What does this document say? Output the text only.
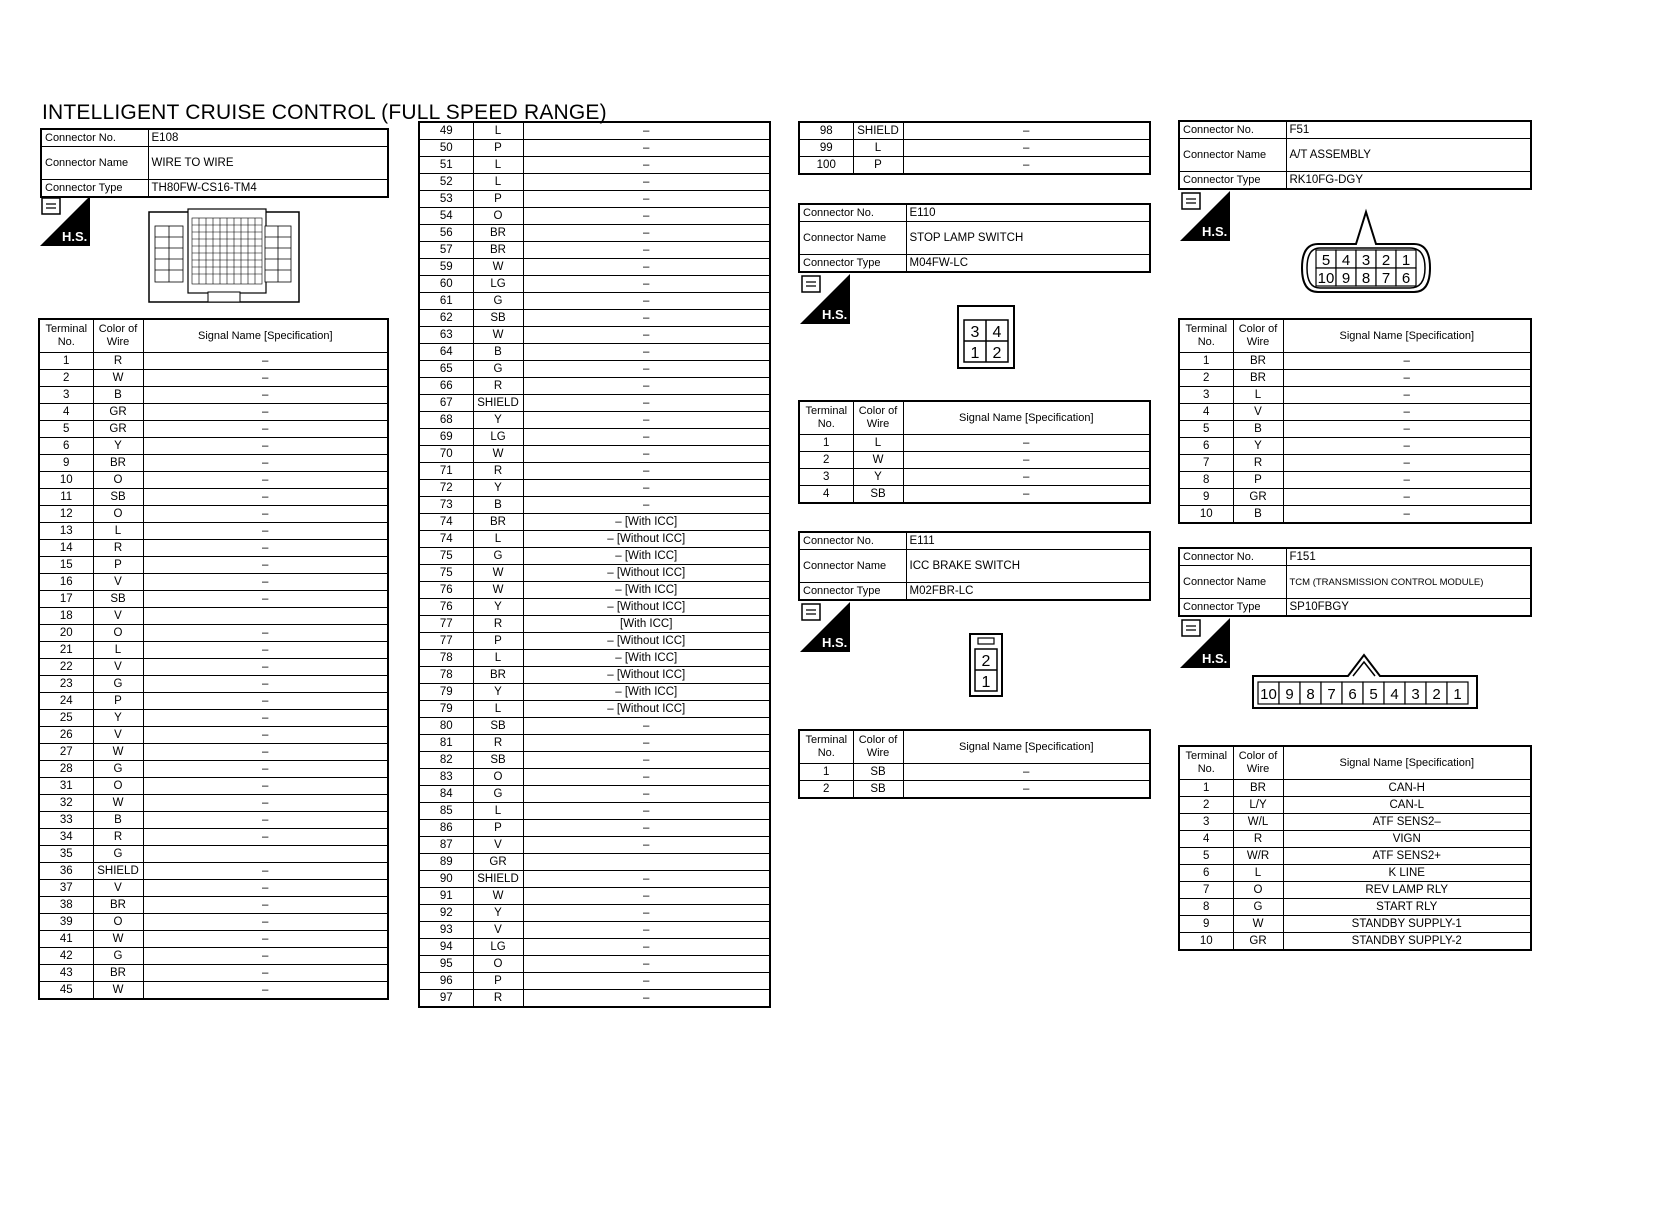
INTELLIGENT CRUISE CONTROL (FULL SPEED RANGE)
Connector No.	E108
Connector Name	WIRE TO WIRE
Connector Type	TH80FW-CS16-TM4
H.S.
Terminal No.	Color of Wire	Signal Name [Specification]
1	R	–
2	W	–
3	B	–
4	GR	–
5	GR	–
6	Y	–
9	BR	–
10	O	–
11	SB	–
12	O	–
13	L	–
14	R	–
15	P	–
16	V	–
17	SB	–
18	V	
20	O	–
21	L	–
22	V	–
23	G	–
24	P	–
25	Y	–
26	V	–
27	W	–
28	G	–
31	O	–
32	W	–
33	B	–
34	R	–
35	G	
36	SHIELD	–
37	V	–
38	BR	–
39	O	–
41	W	–
42	G	–
43	BR	–
45	W	–
49	L	–
50	P	–
51	L	–
52	L	–
53	P	–
54	O	–
56	BR	–
57	BR	–
59	W	–
60	LG	–
61	G	–
62	SB	–
63	W	–
64	B	–
65	G	–
66	R	–
67	SHIELD	–
68	Y	–
69	LG	–
70	W	–
71	R	–
72	Y	–
73	B	–
74	BR	– [With ICC]
74	L	– [Without ICC]
75	G	– [With ICC]
75	W	– [Without ICC]
76	W	– [With ICC]
76	Y	– [Without ICC]
77	R	[With ICC]
77	P	– [Without ICC]
78	L	– [With ICC]
78	BR	– [Without ICC]
79	Y	– [With ICC]
79	L	– [Without ICC]
80	SB	–
81	R	–
82	SB	–
83	O	–
84	G	–
85	L	–
86	P	–
87	V	–
89	GR	
90	SHIELD	–
91	W	–
92	Y	–
93	V	–
94	LG	–
95	O	–
96	P	–
97	R	–
98	SHIELD	–
99	L	–
100	P	–
Connector No.	E110
Connector Name	STOP LAMP SWITCH
Connector Type	M04FW-LC
H.S.
3 4
1 2
Terminal No.	Color of Wire	Signal Name [Specification]
1	L	–
2	W	–
3	Y	–
4	SB	–
Connector No.	E111
Connector Name	ICC BRAKE SWITCH
Connector Type	M02FBR-LC
H.S.
2
1
Terminal No.	Color of Wire	Signal Name [Specification]
1	SB	–
2	SB	–
Connector No.	F51
Connector Name	A/T ASSEMBLY
Connector Type	RK10FG-DGY
H.S.
5 4 3 2 1
10 9 8 7 6
Terminal No.	Color of Wire	Signal Name [Specification]
1	BR	–
2	BR	–
3	L	–
4	V	–
5	B	–
6	Y	–
7	R	–
8	P	–
9	GR	–
10	B	–
Connector No.	F151
Connector Name	TCM (TRANSMISSION CONTROL MODULE)
Connector Type	SP10FBGY
H.S.
10 9 8 7 6 5 4 3 2 1
Terminal No.	Color of Wire	Signal Name [Specification]
1	BR	CAN-H
2	L/Y	CAN-L
3	W/L	ATF SENS2–
4	R	VIGN
5	W/R	ATF SENS2+
6	L	K LINE
7	O	REV LAMP RLY
8	G	START RLY
9	W	STANDBY SUPPLY-1
10	GR	STANDBY SUPPLY-2
